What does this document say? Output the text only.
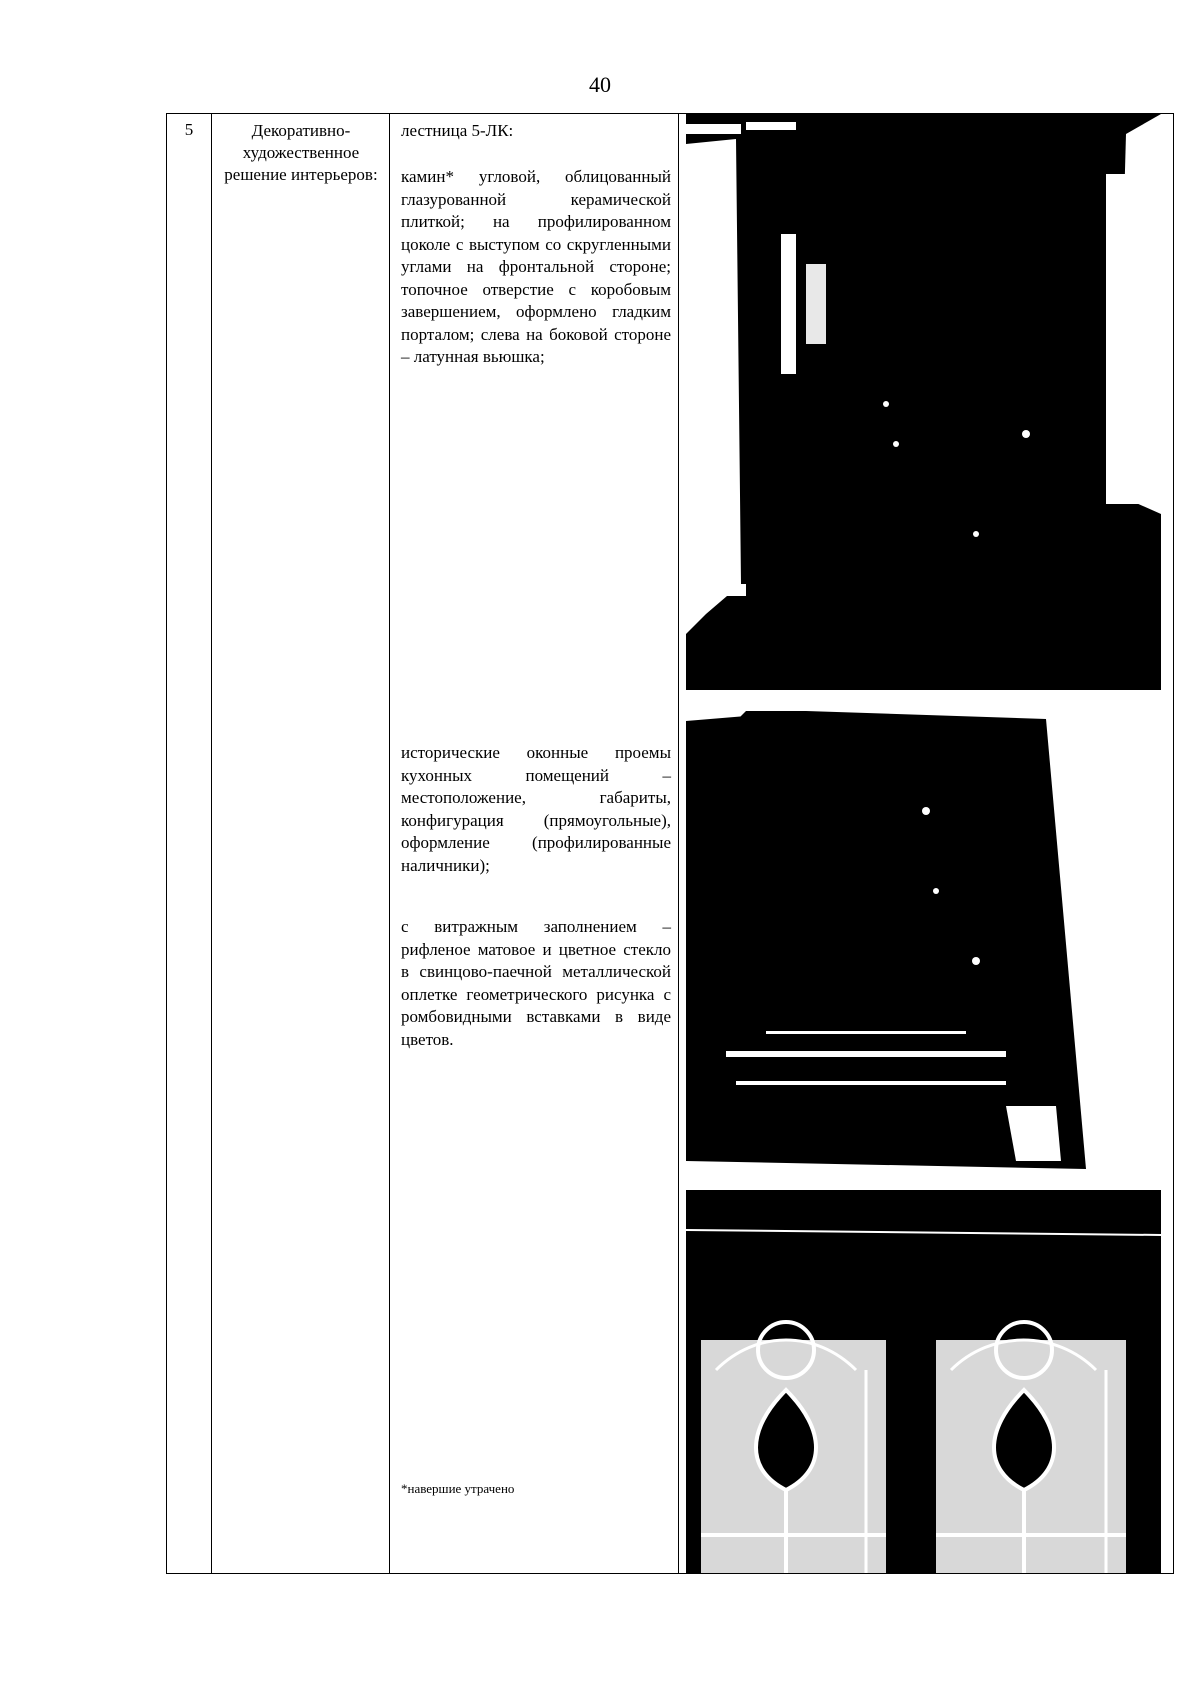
40
5	Декоративно-художественное решение интерьеров:

лестница 5-ЛК:

камин* угловой, облицованный глазурованной керамической плиткой; на профилированном цоколе с выступом со скругленными углами на фронтальной стороне; топочное отверстие с коробовым завершением, оформлено гладким порталом; слева на боковой стороне – латунная вьюшка;

исторические оконные проемы кухонных помещений – местоположение, габариты, конфигурация (прямоугольные), оформление (профилированные наличники);

с витражным заполнением – рифленое матовое и цветное стекло в свинцово-паечной металлической оплетке геометрического рисунка с ромбовидными вставками в виде цветов.

*навершие утрачено
